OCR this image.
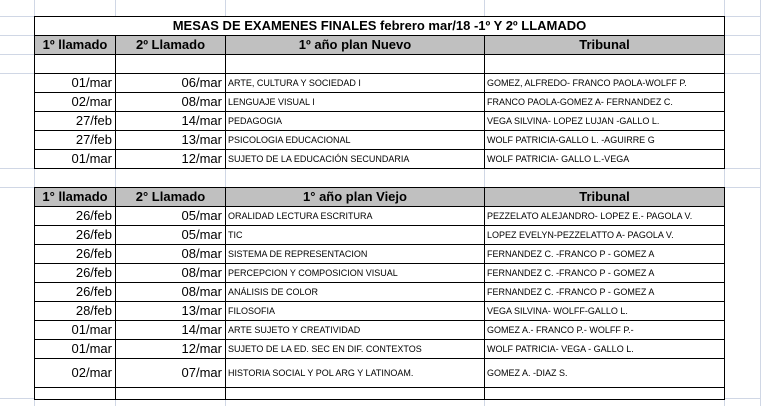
MESAS DE EXAMENES FINALES febrero mar/18 -1º Y 2º LLAMADO
1º llamado	2º Llamado	1º año plan Nuevo	Tribunal
01/mar	06/mar ARTE, CULTURA Y SOCIEDAD I	GOMEZ, ALFREDO- FRANCO PAOLA-WOLFF P.
02/mar	08/mar LENGUAJE VISUAL I	FRANCO PAOLA-GOMEZ A- FERNANDEZ C.
27/feb	14/mar PEDAGOGIA	VEGA SILVINA- LOPEZ LUJAN -GALLO L.
27/feb	13/mar PSICOLOGIA EDUCACIONAL	WOLF PATRICIA-GALLO L. -AGUIRRE G
01/mar	12/mar SUJETO DE LA EDUCACIÓN SECUNDARIA	WOLF PATRICIA- GALLO L.-VEGA
1° llamado	2° Llamado	1° año plan Viejo	Tribunal
26/feb	05/mar ORALIDAD LECTURA ESCRITURA	PEZZELATO ALEJANDRO- LOPEZ E.- PAGOLA V.
26/feb	05/mar TIC	LOPEZ EVELYN-PEZZELATTO A- PAGOLA V.
26/feb	08/mar SISTEMA DE REPRESENTACION	FERNANDEZ C. -FRANCO P - GOMEZ A
26/feb	08/mar PERCEPCION Y COMPOSICION VISUAL	FERNANDEZ C. -FRANCO P - GOMEZ A
26/feb	08/mar ANÁLISIS DE COLOR	FERNANDEZ C. -FRANCO P - GOMEZ A
28/feb	13/mar FILOSOFIA	VEGA SILVINA- WOLFF-GALLO L.
01/mar	14/mar ARTE SUJETO Y CREATIVIDAD	GOMEZ A.- FRANCO P.- WOLFF P.-
01/mar	12/mar SUJETO DE LA ED. SEC EN DIF. CONTEXTOS	WOLF PATRICIA- VEGA - GALLO L.
02/mar	07/mar HISTORIA SOCIAL Y POL ARG Y LATINOAM.	GOMEZ A. -DIAZ S.
